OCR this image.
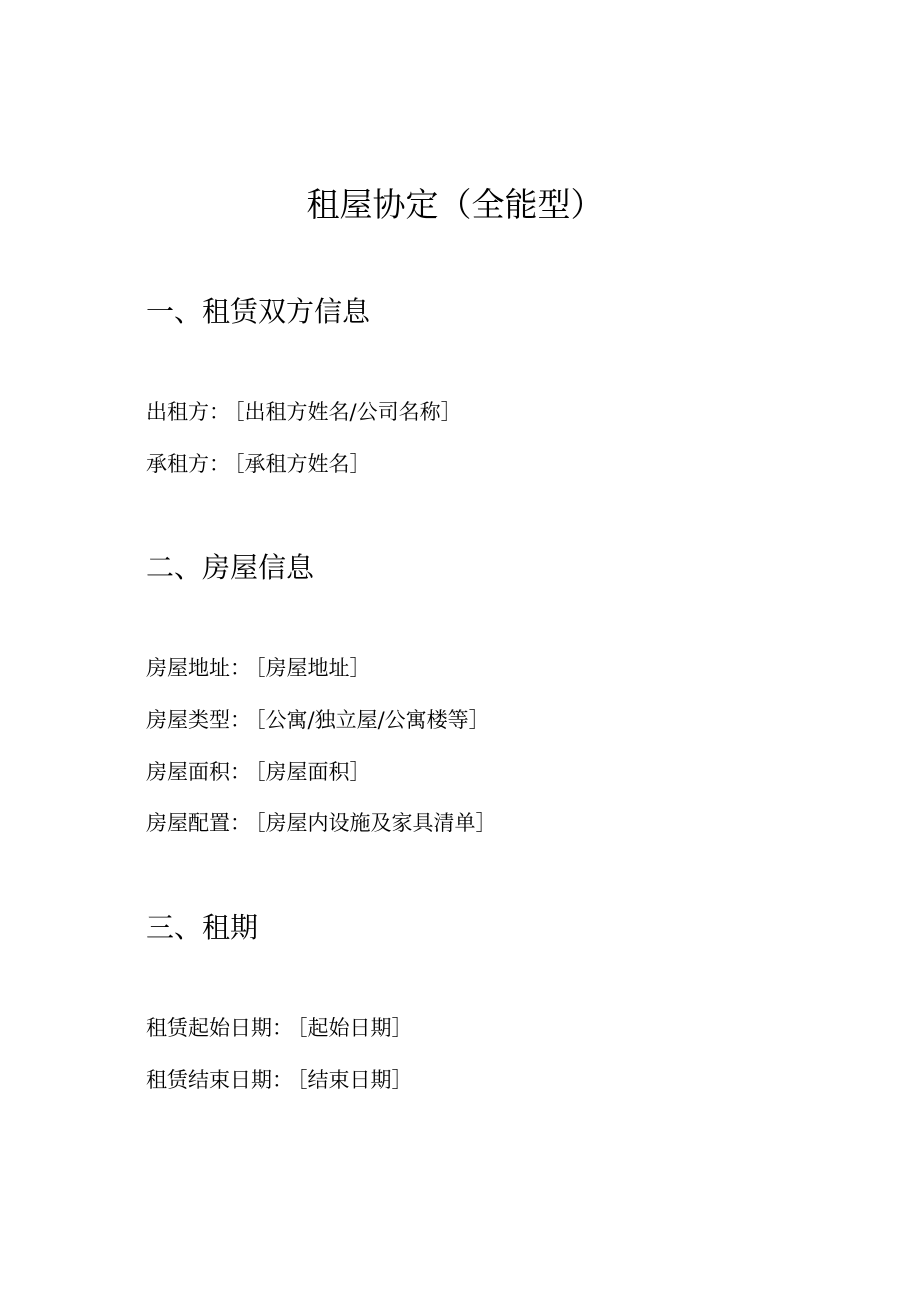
租屋协定（全能型）
一、租赁双方信息

出租方： ［出租方姓名/公司名称］

承租方： ［承租方姓名］

二、房屋信息

房屋地址： ［房屋地址］

房屋类型： ［公寓/独立屋/公寓楼等］

房屋面积： ［房屋面积］

房屋配置： ［房屋内设施及家具清单］

三、租期

租赁起始日期： ［起始日期］

租赁结束日期： ［结束日期］
